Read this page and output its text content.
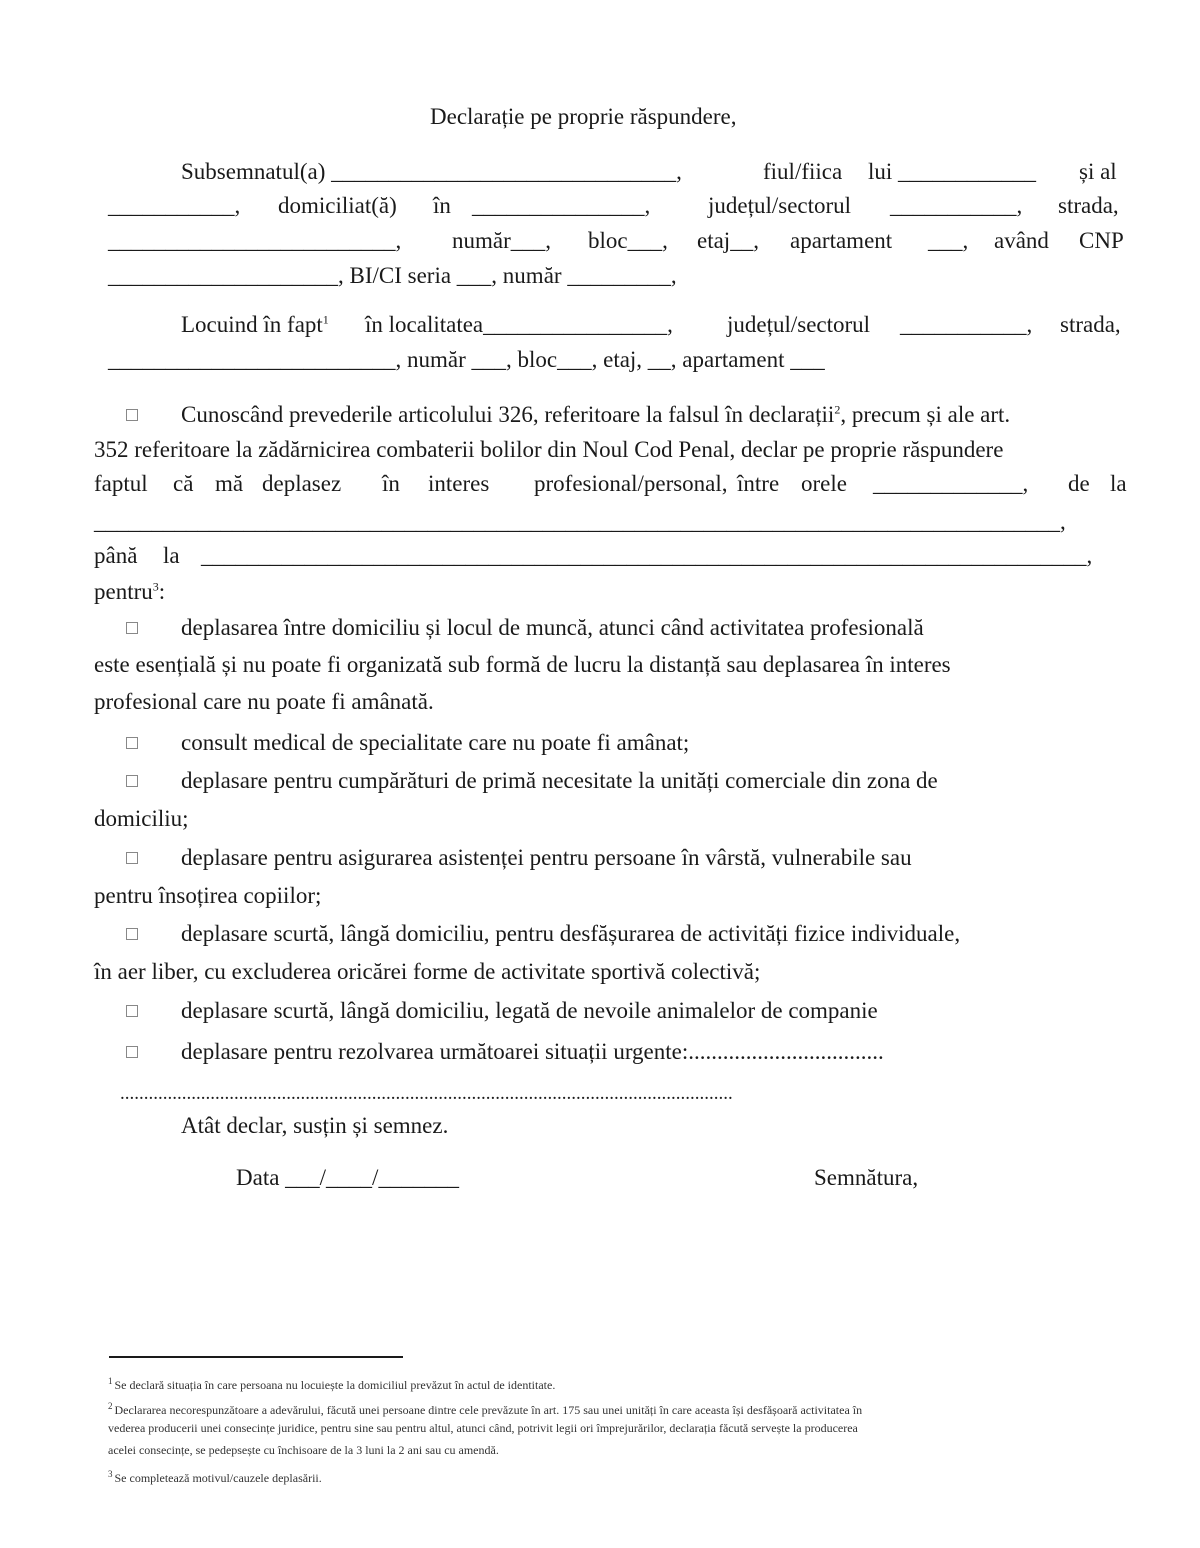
Declarație pe proprie răspundere,
Subsemnatul(a) ______________________________,	fiul/fiica lui ____________ și al
___________, domiciliat(ă) în _______________,	județul/sectorul ___________, strada,
_________________________, număr___, bloc___, etaj__, apartament ___, având CNP
____________________, BI/CI seria ___, număr _________,
Locuind în fapt$^1$ în localitatea________________, județul/sectorul ___________, strada,
_________________________, număr ___, bloc___, etaj, __, apartament ___
Cunoscând prevederile articolului 326, referitoare la falsul în declarații$^2$, precum și ale art.
352 referitoare la zădărnicirea combaterii bolilor din Noul Cod Penal, declar pe proprie răspundere
faptul că mă deplasez în interes profesional/personal, între orele _____________, de la
____________________________________________________________________________________,
până la _____________________________________________________________________________,
pentru$^3$:
deplasarea între domiciliu și locul de muncă, atunci când activitatea profesională
este esențială și nu poate fi organizată sub formă de lucru la distanță sau deplasarea în interes
profesional care nu poate fi amânată.
consult medical de specialitate care nu poate fi amânat;
deplasare pentru cumpărături de primă necesitate la unități comerciale din zona de
domiciliu;
deplasare pentru asigurarea asistenței pentru persoane în vârstă, vulnerabile sau
pentru însoțirea copiilor;
deplasare scurtă, lângă domiciliu, pentru desfășurarea de activități fizice individuale,
în aer liber, cu excluderea oricărei forme de activitate sportivă colectivă;
deplasare scurtă, lângă domiciliu, legată de nevoile animalelor de companie
deplasare pentru rezolvarea următoarei situații urgente:..................................
.................................................................................................................................
Atât declar, susțin și semnez.
Data ___/____/_______	Semnătura,
$^1$ Se declară situația în care persoana nu locuiește la domiciliul prevăzut în actul de identitate.
$^2$ Declararea necorespunzătoare a adevărului, făcută unei persoane dintre cele prevăzute în art. 175 sau unei unități în care aceasta își desfășoară activitatea în
vederea producerii unei consecințe juridice, pentru sine sau pentru altul, atunci când, potrivit legii ori împrejurărilor, declarația făcută servește la producerea
acelei consecințe, se pedepsește cu închisoare de la 3 luni la 2 ani sau cu amendă.
$^3$ Se completează motivul/cauzele deplasării.
